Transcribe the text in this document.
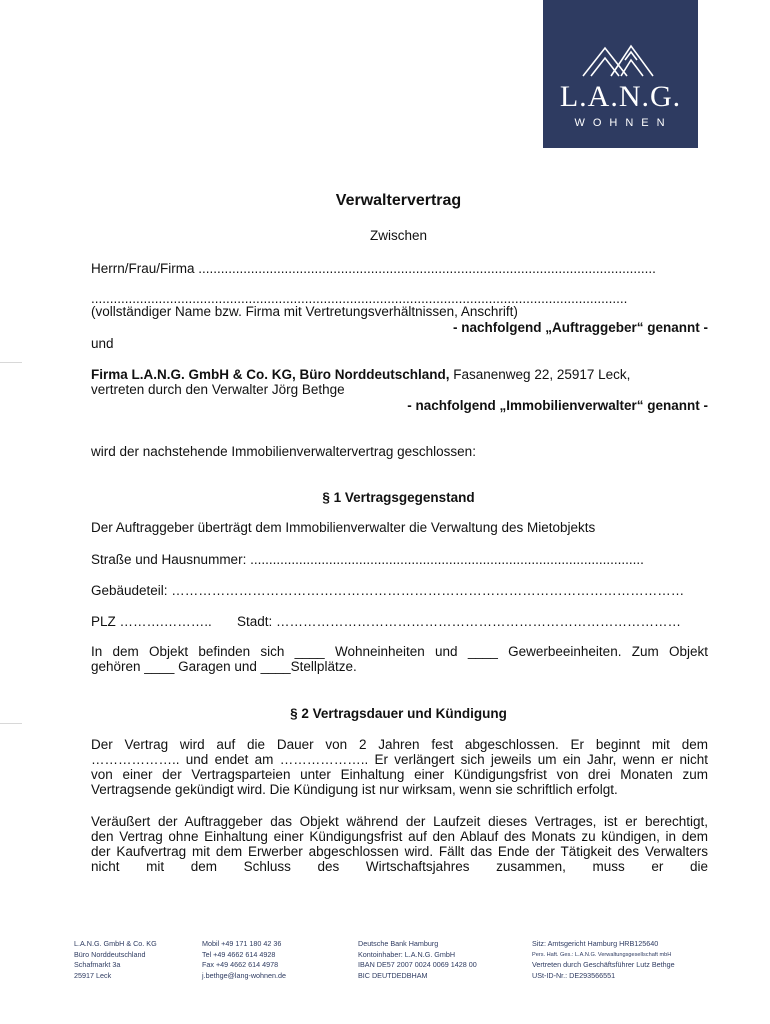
L.A.N.G.
WOHNEN
Verwaltervertrag
Zwischen
Herrn/Frau/Firma ..........................................................................................................................
...............................................................................................................................................
(vollständiger Name bzw. Firma mit Vertretungsverhältnissen, Anschrift)
- nachfolgend „Auftraggeber“ genannt -
und
Firma L.A.N.G. GmbH & Co. KG, Büro Norddeutschland, Fasanenweg 22, 25917 Leck,
vertreten durch den Verwalter Jörg Bethge
- nachfolgend „Immobilienverwalter“ genannt -
wird der nachstehende Immobilienverwaltervertrag geschlossen:
§ 1 Vertragsgegenstand
Der Auftraggeber überträgt dem Immobilienverwalter die Verwaltung des Mietobjekts
Straße und Hausnummer: .........................................................................................................
Gebäudeteil: ……………………………………………………………………………………………………
PLZ ……….……….. Stadt: ………………………………………………………………………………
In dem Objekt befinden sich ____ Wohneinheiten und ____ Gewerbeeinheiten. Zum Objekt
gehören ____ Garagen und ____Stellplätze.
§ 2 Vertragsdauer und Kündigung
Der Vertrag wird auf die Dauer von 2 Jahren fest abgeschlossen. Er beginnt mit dem
……………….. und endet am ……………….. Er verlängert sich jeweils um ein Jahr, wenn er nicht
von einer der Vertragsparteien unter Einhaltung einer Kündigungsfrist von drei Monaten zum
Vertragsende gekündigt wird. Die Kündigung ist nur wirksam, wenn sie schriftlich erfolgt.
Veräußert der Auftraggeber das Objekt während der Laufzeit dieses Vertrages, ist er berechtigt,
den Vertrag ohne Einhaltung einer Kündigungsfrist auf den Ablauf des Monats zu kündigen, in dem
der Kaufvertrag mit dem Erwerber abgeschlossen wird. Fällt das Ende der Tätigkeit des Verwalters
nicht mit dem Schluss des Wirtschaftsjahres zusammen, muss er die
L.A.N.G. GmbH & Co. KG
Büro Norddeutschland
Schafmarkt 3a
25917 Leck
Mobil +49 171 180 42 36
Tel +49 4662 614 4928
Fax +49 4662 614 4978
j.bethge@lang-wohnen.de
Deutsche Bank Hamburg
Kontoinhaber: L.A.N.G. GmbH
IBAN DE57 2007 0024 0069 1428 00
BIC DEUTDEDBHAM
Sitz: Amtsgericht Hamburg HRB125640
Pers. Haft. Ges.: L.A.N.G. Verwaltungsgesellschaft mbH
Vertreten durch Geschäftsführer Lutz Bethge
USt-ID-Nr.: DE293566551
